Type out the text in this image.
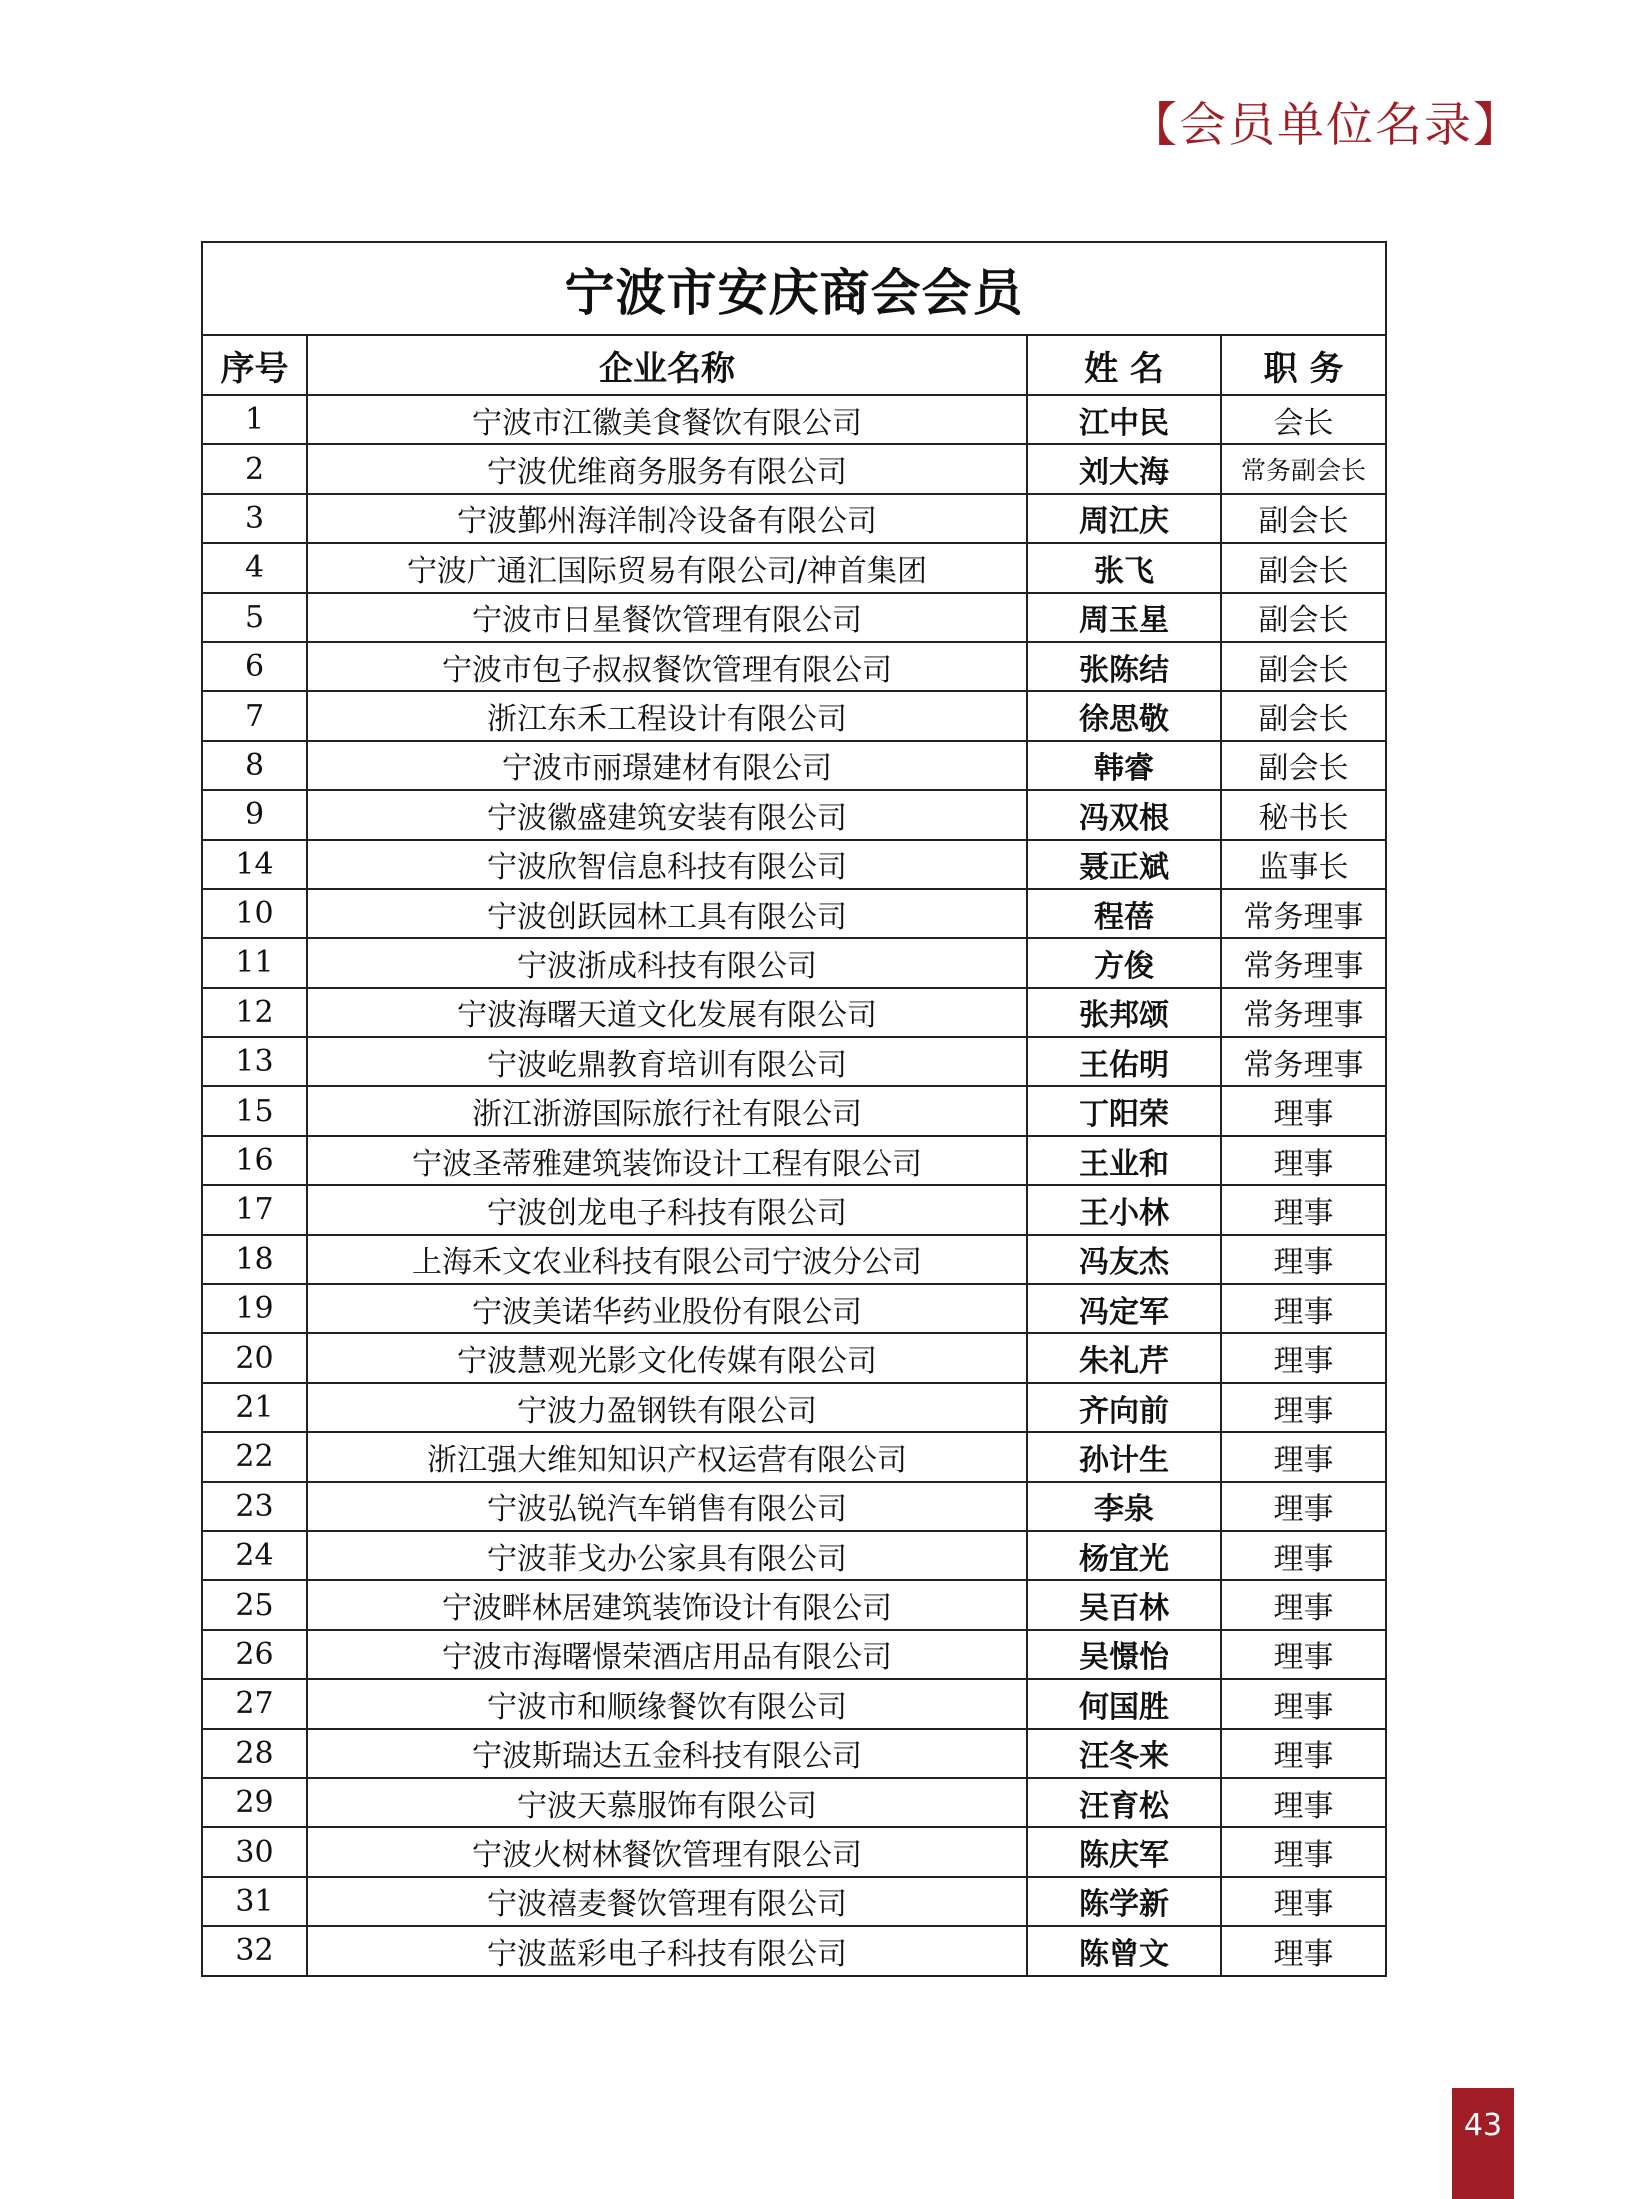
【会员单位名录】
宁波市安庆商会会员			
序号	企业名称	姓 名	职 务
1	宁波市江徽美食餐饮有限公司	江中民	会长
2	宁波优维商务服务有限公司	刘大海	常务副会长
3	宁波鄞州海洋制冷设备有限公司	周江庆	副会长
4	宁波广通汇国际贸易有限公司/神首集团	张飞	副会长
5	宁波市日星餐饮管理有限公司	周玉星	副会长
6	宁波市包子叔叔餐饮管理有限公司	张陈结	副会长
7	浙江东禾工程设计有限公司	徐思敬	副会长
8	宁波市丽璟建材有限公司	韩睿	副会长
9	宁波徽盛建筑安装有限公司	冯双根	秘书长
14	宁波欣智信息科技有限公司	聂正斌	监事长
10	宁波创跃园林工具有限公司	程蓓	常务理事
11	宁波浙成科技有限公司	方俊	常务理事
12	宁波海曙天道文化发展有限公司	张邦颂	常务理事
13	宁波屹鼎教育培训有限公司	王佑明	常务理事
15	浙江浙游国际旅行社有限公司	丁阳荣	理事
16	宁波圣蒂雅建筑装饰设计工程有限公司	王业和	理事
17	宁波创龙电子科技有限公司	王小林	理事
18	上海禾文农业科技有限公司宁波分公司	冯友杰	理事
19	宁波美诺华药业股份有限公司	冯定军	理事
20	宁波慧观光影文化传媒有限公司	朱礼芹	理事
21	宁波力盈钢铁有限公司	齐向前	理事
22	浙江强大维知知识产权运营有限公司	孙计生	理事
23	宁波弘锐汽车销售有限公司	李泉	理事
24	宁波菲戈办公家具有限公司	杨宜光	理事
25	宁波畔林居建筑装饰设计有限公司	吴百林	理事
26	宁波市海曙憬荣酒店用品有限公司	吴憬怡	理事
27	宁波市和顺缘餐饮有限公司	何国胜	理事
28	宁波斯瑞达五金科技有限公司	汪冬来	理事
29	宁波天慕服饰有限公司	汪育松	理事
30	宁波火树林餐饮管理有限公司	陈庆军	理事
31	宁波禧麦餐饮管理有限公司	陈学新	理事
32	宁波蓝彩电子科技有限公司	陈曾文	理事
43
